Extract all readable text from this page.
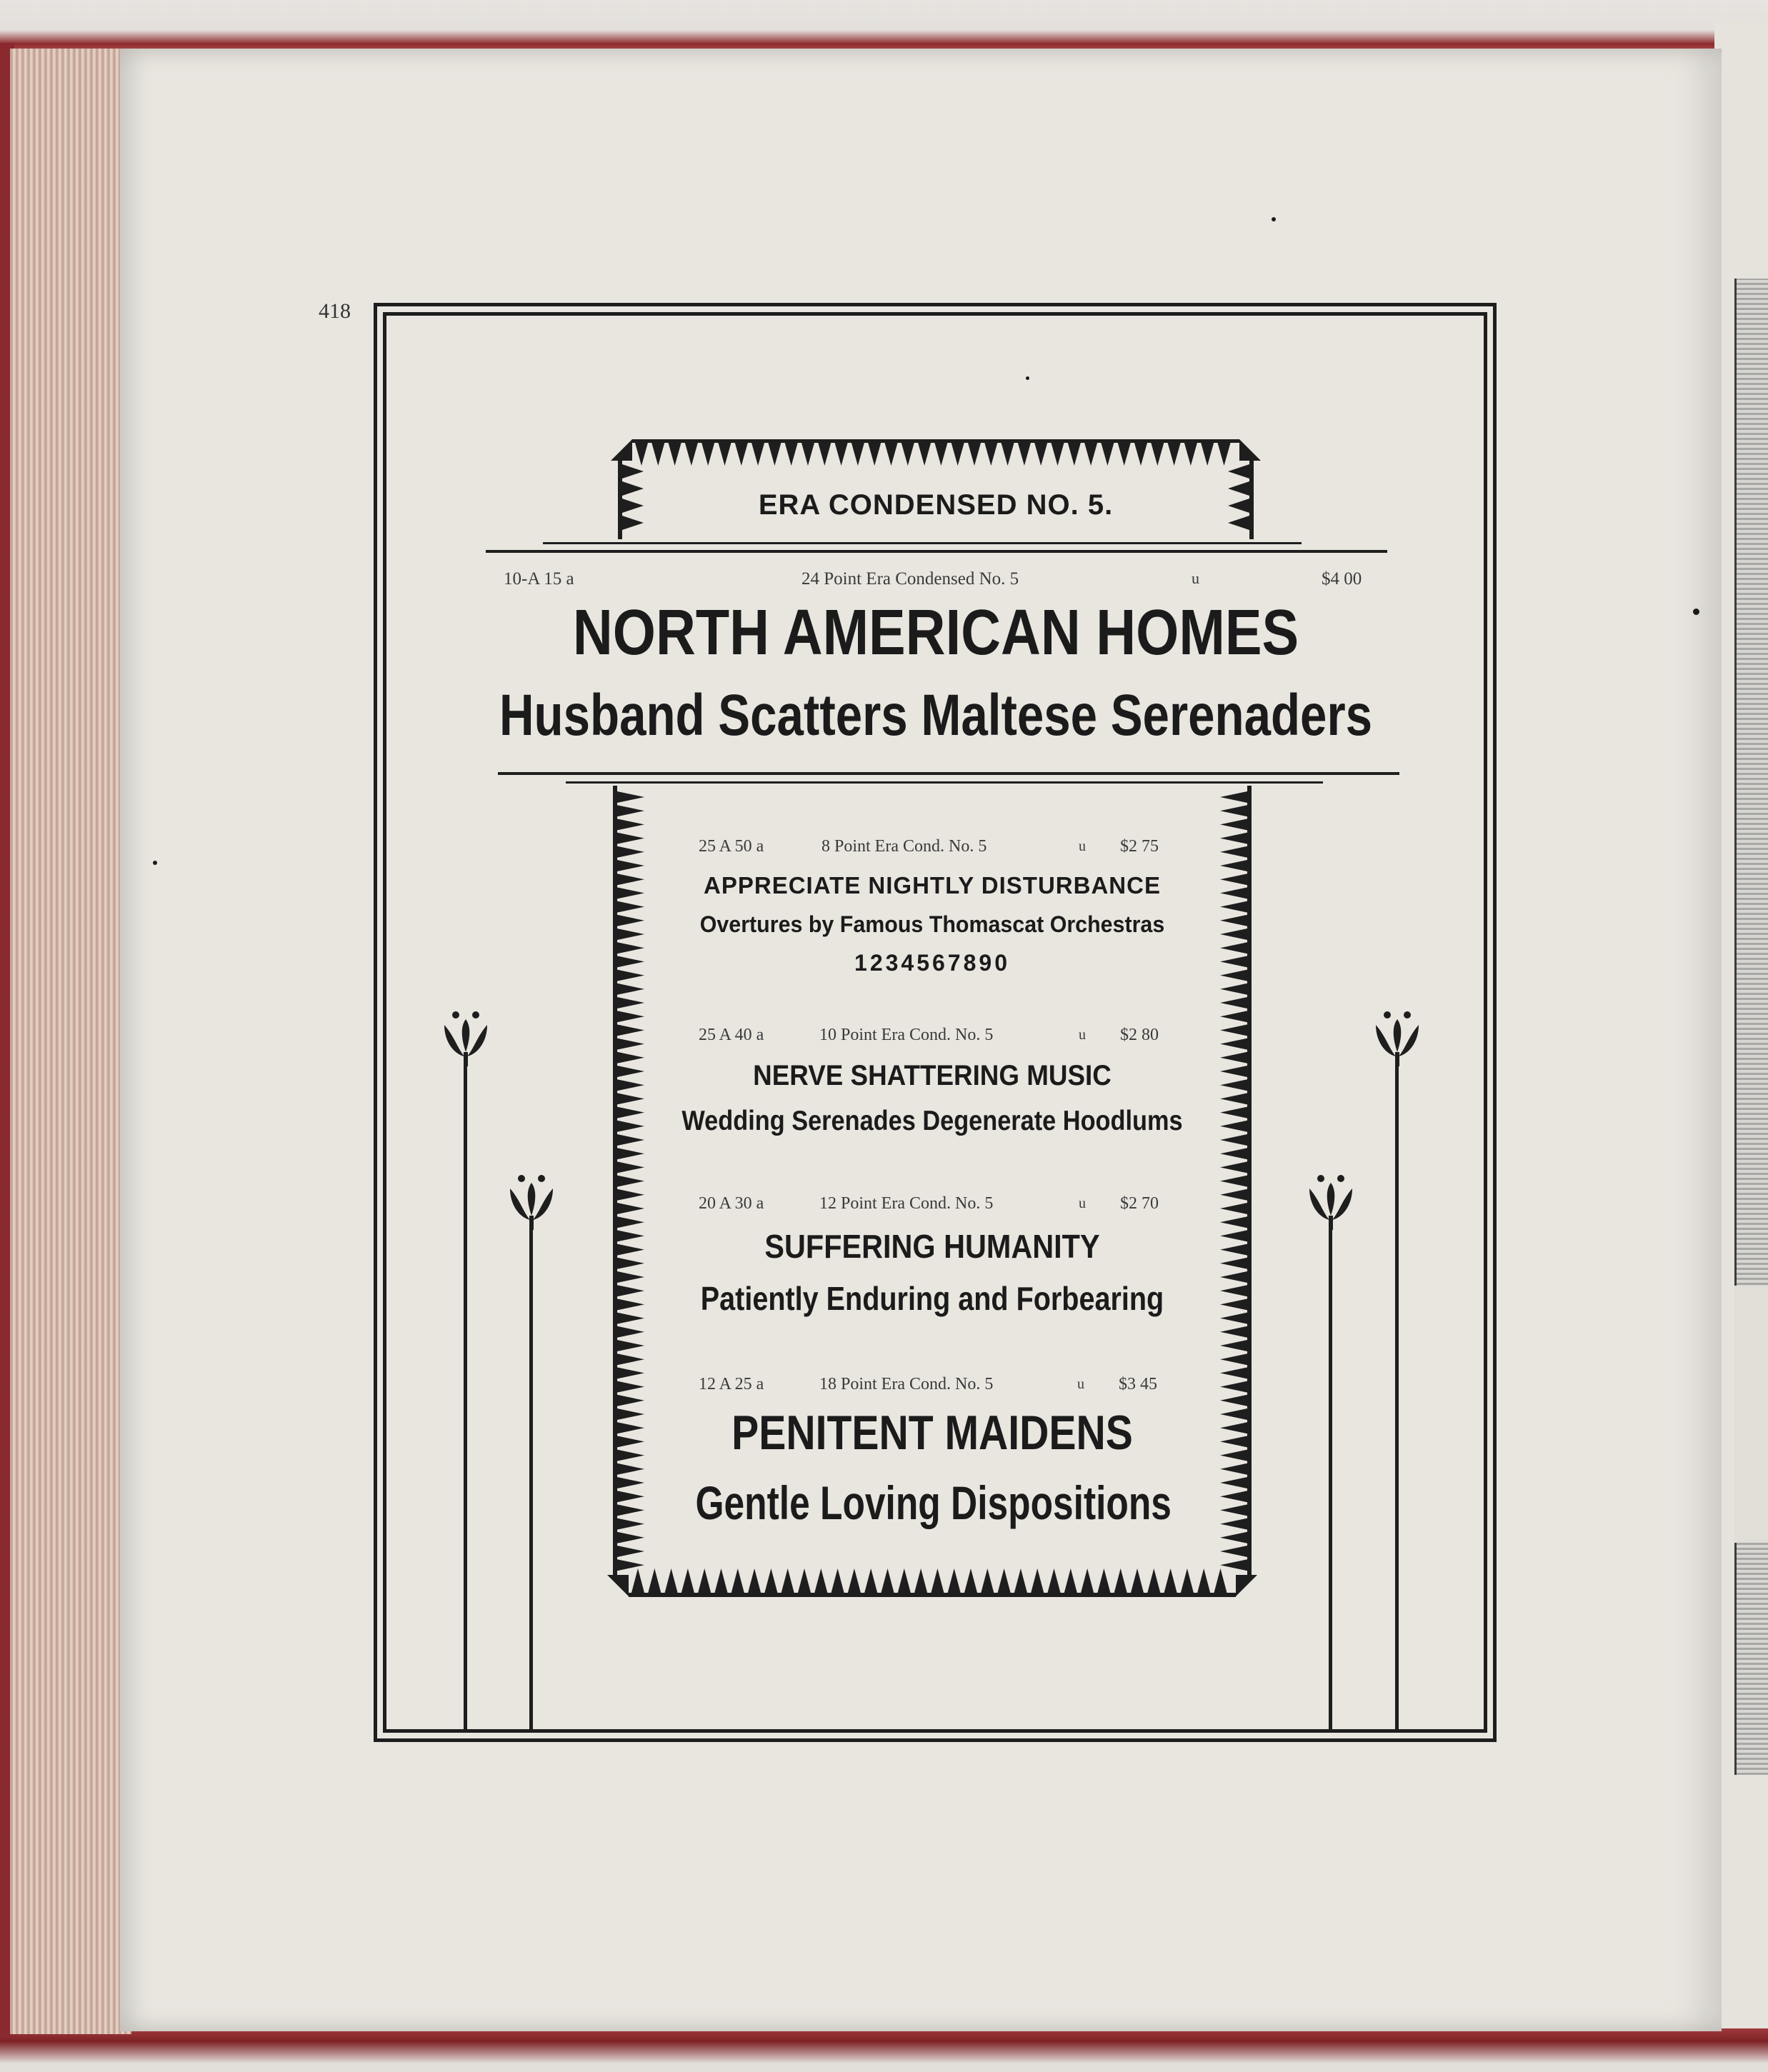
418
ERA CONDENSED NO. 5.
10-A 15 a	24 Point Era Condensed No. 5	u	$4 00
NORTH AMERICAN HOMES
Husband Scatters Maltese Serenaders
25 A 50 a	8 Point Era Cond. No. 5	u $2 75
APPRECIATE NIGHTLY DISTURBANCE
Overtures by Famous Thomascat Orchestras
1234567890
25 A 40 a	10 Point Era Cond. No. 5	u $2 80
NERVE SHATTERING MUSIC
Wedding Serenades Degenerate Hoodlums
20 A 30 a	12 Point Era Cond. No. 5	u $2 70
SUFFERING HUMANITY
Patiently Enduring and Forbearing
12 A 25 a	18 Point Era Cond. No. 5	u $3 45
PENITENT MAIDENS
Gentle Loving Dispositions
